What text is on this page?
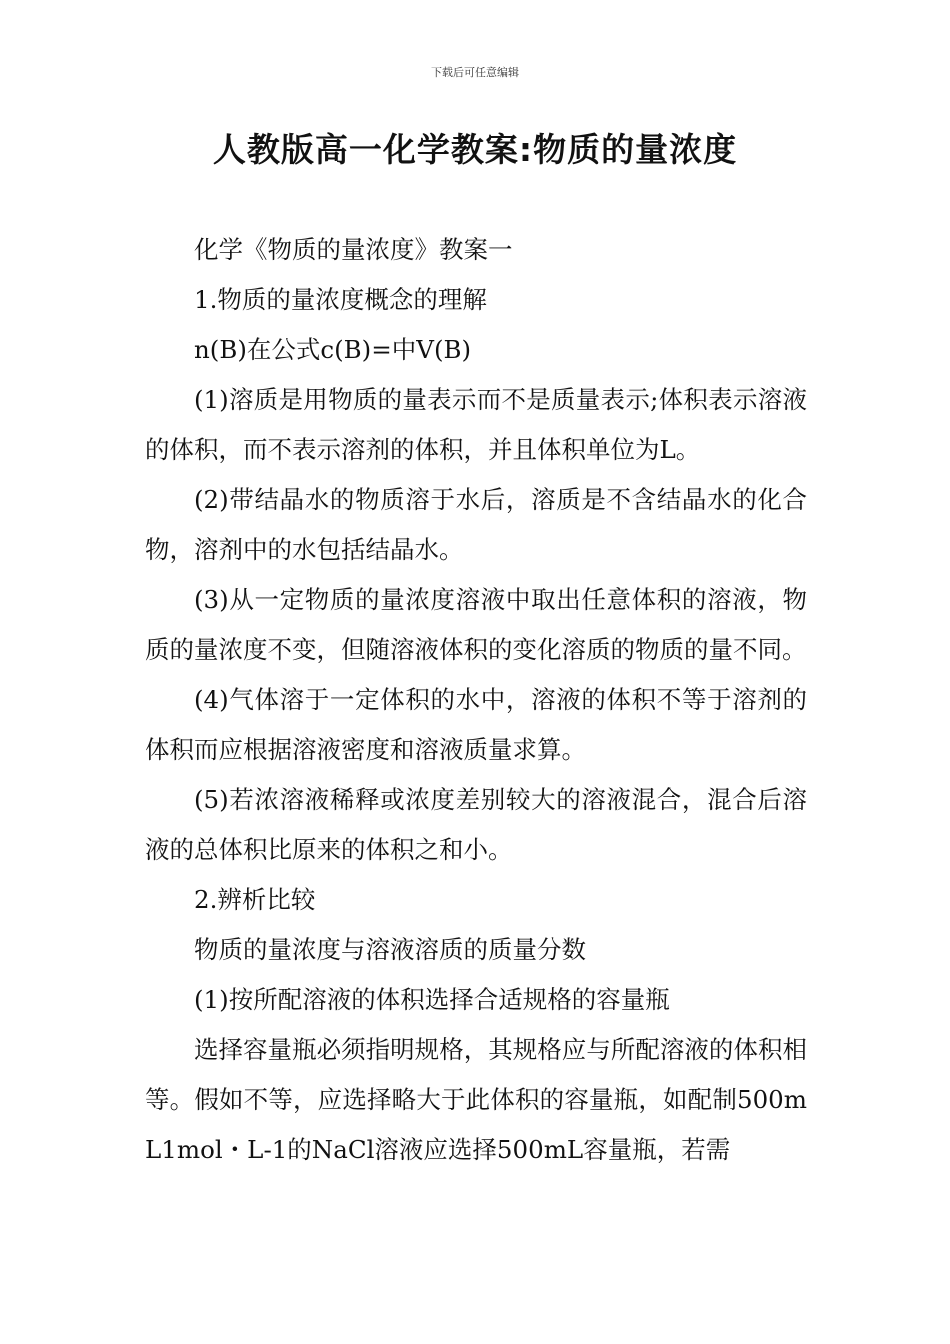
下载后可任意编辑
人教版高一化学教案:物质的量浓度

化学《物质的量浓度》教案一

1.物质的量浓度概念的理解

n(B)在公式c(B)=中V(B)

(1)溶质是用物质的量表示而不是质量表示;体积表示溶液的体积，而不表示溶剂的体积，并且体积单位为L。

(2)带结晶水的物质溶于水后，溶质是不含结晶水的化合物，溶剂中的水包括结晶水。

(3)从一定物质的量浓度溶液中取出任意体积的溶液，物质的量浓度不变，但随溶液体积的变化溶质的物质的量不同。

(4)气体溶于一定体积的水中，溶液的体积不等于溶剂的体积而应根据溶液密度和溶液质量求算。

(5)若浓溶液稀释或浓度差别较大的溶液混合，混合后溶液的总体积比原来的体积之和小。

2.辨析比较

物质的量浓度与溶液溶质的质量分数

(1)按所配溶液的体积选择合适规格的容量瓶

选择容量瓶必须指明规格，其规格应与所配溶液的体积相等。假如不等，应选择略大于此体积的容量瓶，如配制500mL1mol・L-1的NaCl溶液应选择500mL容量瓶，若需
